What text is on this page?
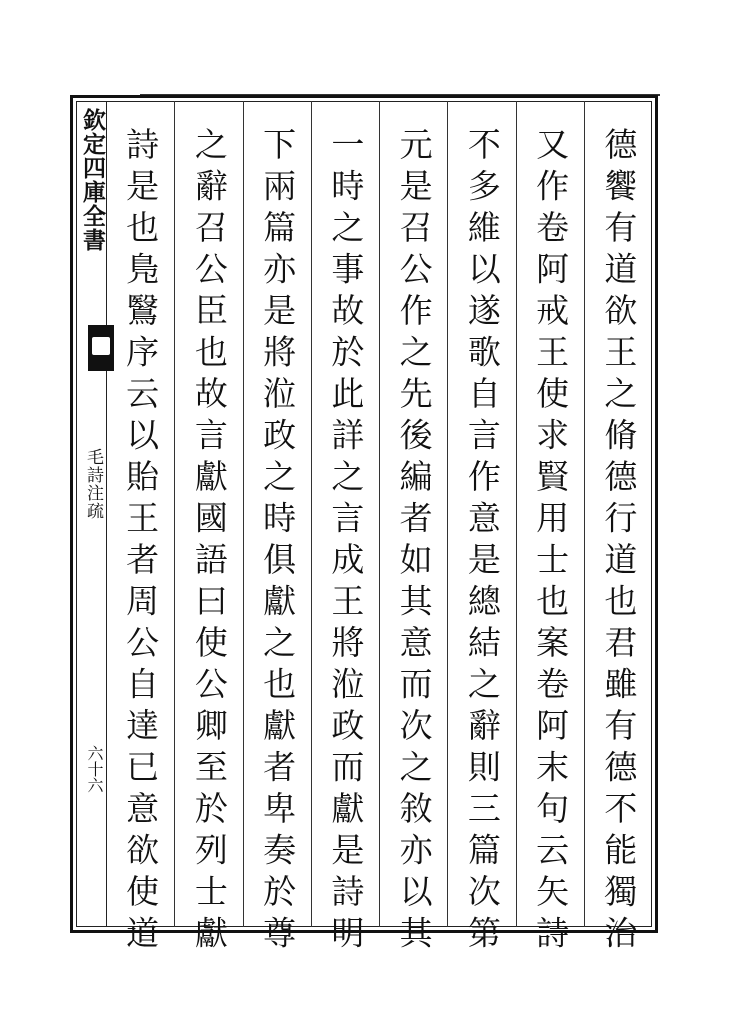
欽定四庫全書
毛詩注疏
六十六	德饗有道欲王之脩德行道也君雖有德不能獨治
又作卷阿戒王使求賢用士也案卷阿末句云矢詩
不多維以遂歌自言作意是總結之辭則三篇次第
元是召公作之先後編者如其意而次之敘亦以其
一時之事故於此詳之言成王將涖政而獻是詩明
下兩篇亦是將涖政之時俱獻之也獻者卑奏於尊
之辭召公臣也故言獻國語曰使公卿至於列士獻
詩是也鳬鷖序云以貽王者周公自達已意欲使道
